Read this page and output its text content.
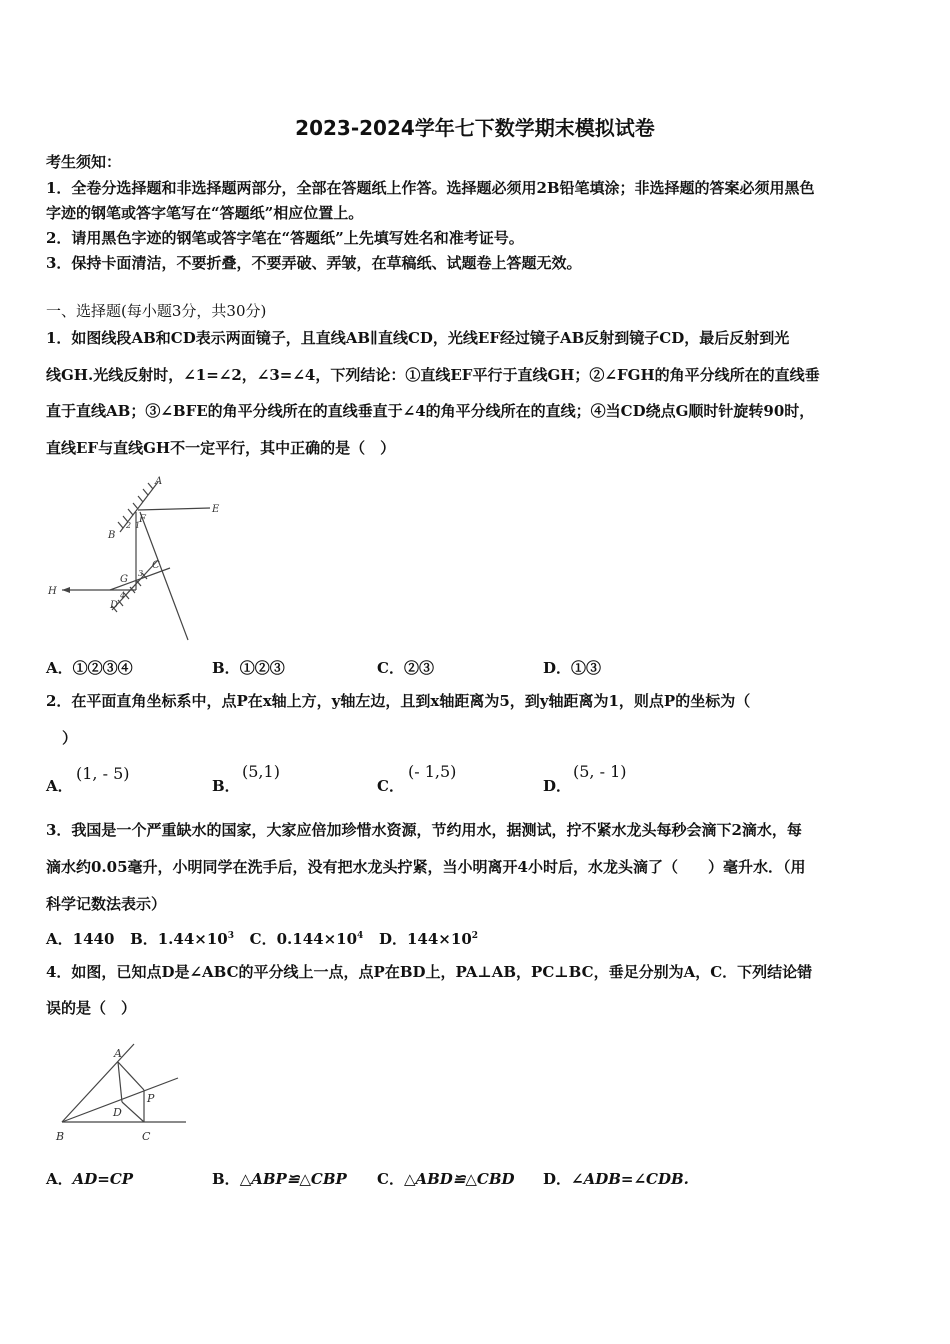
2023-2024学年七下数学期末模拟试卷
考生须知：
1．全卷分选择题和非选择题两部分，全部在答题纸上作答。选择题必须用2B铅笔填涂；非选择题的答案必须用黑色
字迹的钢笔或答字笔写在“答题纸”相应位置上。
2．请用黑色字迹的钢笔或答字笔在“答题纸”上先填写姓名和准考证号。
3．保持卡面清洁，不要折叠，不要弄破、弄皱，在草稿纸、试题卷上答题无效。
一、选择题(每小题3分，共30分)
1．如图线段AB和CD表示两面镜子，且直线AB∥直线CD，光线EF经过镜子AB反射到镜子CD，最后反射到光
线GH.光线反射时，∠1=∠2，∠3=∠4，下列结论：①直线EF平行于直线GH；②∠FGH的角平分线所在的直线垂
直于直线AB；③∠BFE的角平分线所在的直线垂直于∠4的角平分线所在的直线；④当CD绕点G顺时针旋转90时，
直线EF与直线GH不一定平行，其中正确的是（　）
A
E
F
B
2 1
C
H
G
3
4
D
A．①②③④	B．①②③	C．②③	D．①③
2．在平面直角坐标系中，点P在x轴上方，y轴左边，且到x轴距离为5，到y轴距离为1，则点P的坐标为（
）
A．
(1, - 5)
B．
(5,1)
C．
(- 1,5)
D．
(5, - 1)
3．我国是一个严重缺水的国家，大家应倍加珍惜水资源，节约用水，据测试，拧不紧水龙头每秒会滴下2滴水，每
滴水约0.05毫升，小明同学在洗手后，没有把水龙头拧紧，当小明离开4小时后，水龙头滴了（　　）毫升水．（用
科学记数法表示）
A．1440 B．$1.44\times 10^3$ C．$0.144\times 10^4$ D．$144\times 10^2$
4．如图，已知点D是∠ABC的平分线上一点，点P在BD上，PA⊥AB，PC⊥BC，垂足分别为A，C．下列结论错
误的是（　）
A
D
P
B	C
A．AD=CP	B．△ABP≌△CBP C．△ABD≌△CBD D．∠ADB=∠CDB.
